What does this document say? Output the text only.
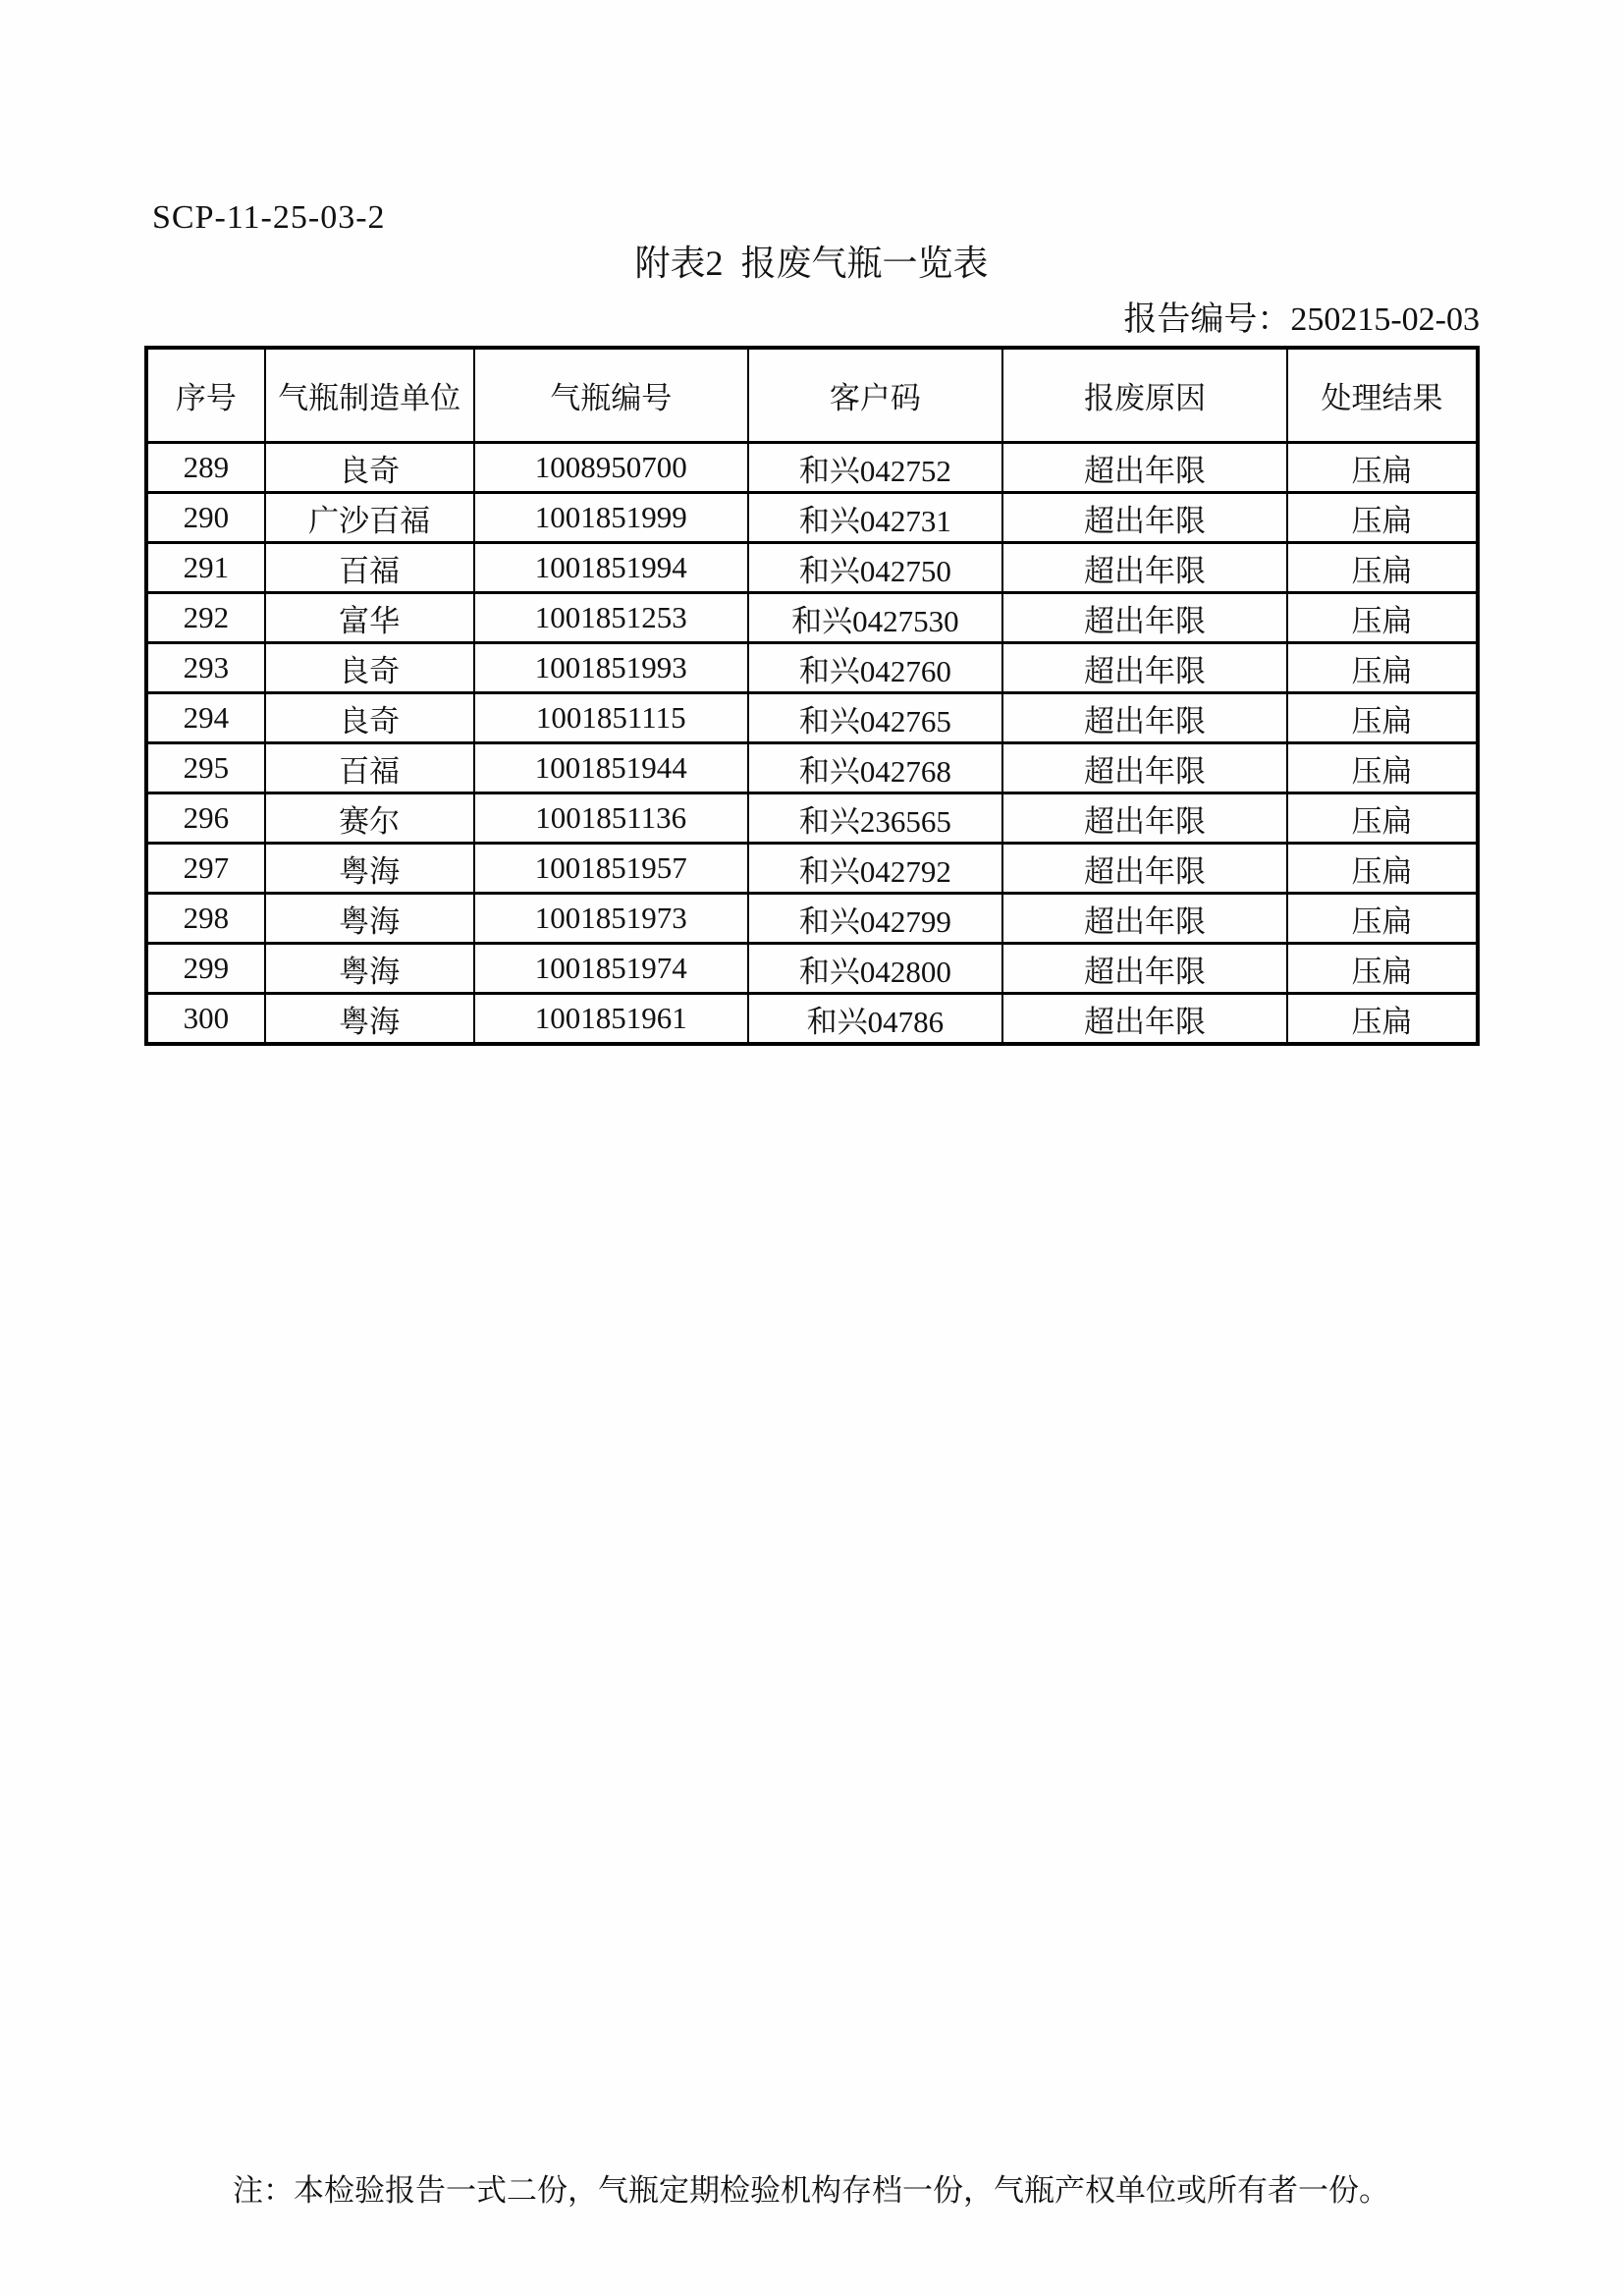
SCP-11-25-03-2
附表2  报废气瓶一览表
报告编号：250215-02-03
序号	气瓶制造单位	气瓶编号	客户码	报废原因	处理结果
289	良奇	1008950700	和兴042752	超出年限	压扁
290	广沙百福	1001851999	和兴042731	超出年限	压扁
291	百福	1001851994	和兴042750	超出年限	压扁
292	富华	1001851253	和兴0427530	超出年限	压扁
293	良奇	1001851993	和兴042760	超出年限	压扁
294	良奇	1001851115	和兴042765	超出年限	压扁
295	百福	1001851944	和兴042768	超出年限	压扁
296	赛尔	1001851136	和兴236565	超出年限	压扁
297	粤海	1001851957	和兴042792	超出年限	压扁
298	粤海	1001851973	和兴042799	超出年限	压扁
299	粤海	1001851974	和兴042800	超出年限	压扁
300	粤海	1001851961	和兴04786	超出年限	压扁
注：本检验报告一式二份，气瓶定期检验机构存档一份，气瓶产权单位或所有者一份。
